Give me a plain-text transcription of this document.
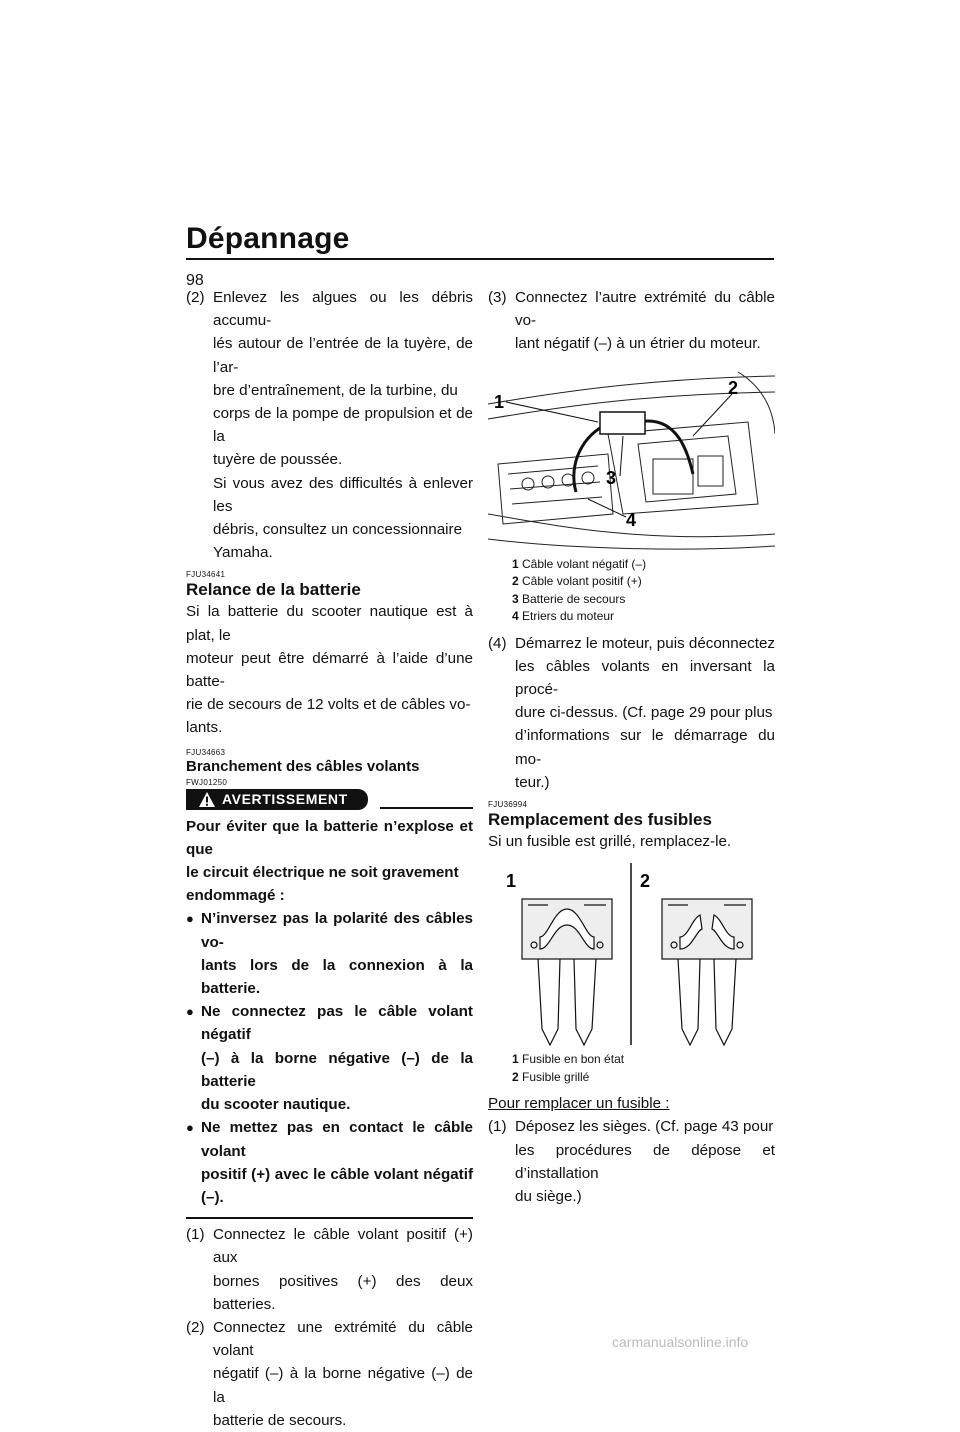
Dépannage
98
(2) Enlevez les algues ou les débris accumu-
lés autour de l’entrée de la tuyère, de l’ar-
bre d’entraînement, de la turbine, du
corps de la pompe de propulsion et de la
tuyère de poussée.
Si vous avez des difficultés à enlever les
débris, consultez un concessionnaire
Yamaha.
FJU34641
Relance de la batterie
Si la batterie du scooter nautique est à plat, le
moteur peut être démarré à l’aide d’une batte-
rie de secours de 12 volts et de câbles vo-
lants.
FJU34663
Branchement des câbles volants
FWJ01250
AVERTISSEMENT
Pour éviter que la batterie n’explose et que
le circuit électrique ne soit gravement
endommagé :
● N’inversez pas la polarité des câbles vo-
lants lors de la connexion à la batterie.
● Ne connectez pas le câble volant négatif
(–) à la borne négative (–) de la batterie
du scooter nautique.
● Ne mettez pas en contact le câble volant
positif (+) avec le câble volant négatif (–).
(1) Connectez le câble volant positif (+) aux
bornes positives (+) des deux batteries.
(2) Connectez une extrémité du câble volant
négatif (–) à la borne négative (–) de la
batterie de secours.
(3) Connectez l’autre extrémité du câble vo-
lant négatif (–) à un étrier du moteur.
1
2
3
4
1 Câble volant négatif (–)
2 Câble volant positif (+)
3 Batterie de secours
4 Etriers du moteur
(4) Démarrez le moteur, puis déconnectez
les câbles volants en inversant la procé-
dure ci-dessus. (Cf. page 29 pour plus
d’informations sur le démarrage du mo-
teur.)
FJU36994
Remplacement des fusibles
Si un fusible est grillé, remplacez-le.
1	2
1 Fusible en bon état
2 Fusible grillé
Pour remplacer un fusible :
(1) Déposez les sièges. (Cf. page 43 pour
les procédures de dépose et d’installation
du siège.)
carmanualsonline.info
